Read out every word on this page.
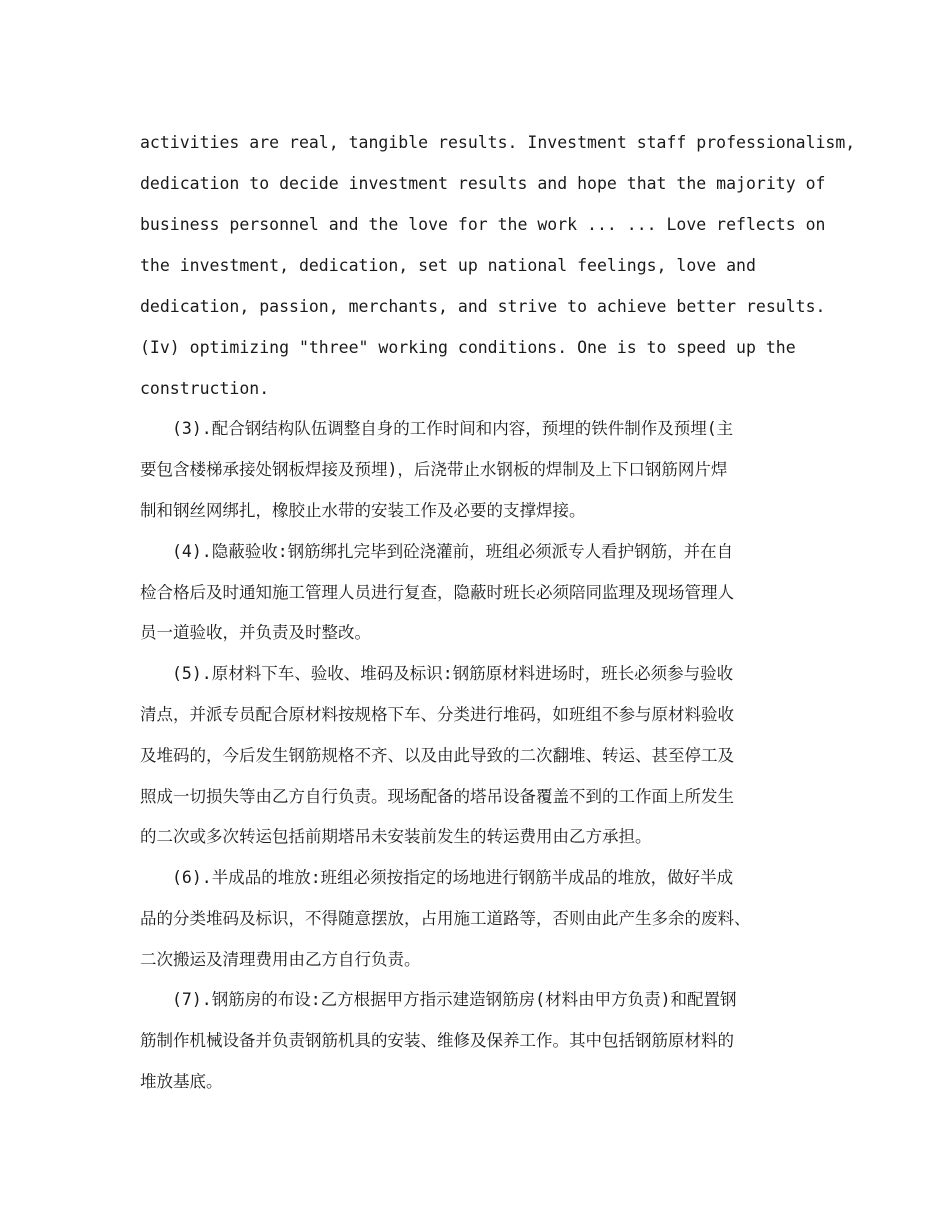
activities are real, tangible results. Investment staff professionalism,
dedication to decide investment results and hope that the majority of
business personnel and the love for the work ... ... Love reflects on
the investment, dedication, set up national feelings, love and
dedication, passion, merchants, and strive to achieve better results.
(Iv) optimizing "three" working conditions. One is to speed up the
construction.
(3).配合钢结构队伍调整自身的工作时间和内容，预埋的铁件制作及预埋(主
要包含楼梯承接处钢板焊接及预埋)，后浇带止水钢板的焊制及上下口钢筋网片焊
制和钢丝网绑扎，橡胶止水带的安装工作及必要的支撑焊接。
(4).隐蔽验收:钢筋绑扎完毕到砼浇灌前，班组必须派专人看护钢筋，并在自
检合格后及时通知施工管理人员进行复查，隐蔽时班长必须陪同监理及现场管理人
员一道验收，并负责及时整改。
(5).原材料下车、验收、堆码及标识:钢筋原材料进场时，班长必须参与验收
清点，并派专员配合原材料按规格下车、分类进行堆码，如班组不参与原材料验收
及堆码的，今后发生钢筋规格不齐、以及由此导致的二次翻堆、转运、甚至停工及
照成一切损失等由乙方自行负责。现场配备的塔吊设备覆盖不到的工作面上所发生
的二次或多次转运包括前期塔吊未安装前发生的转运费用由乙方承担。
(6).半成品的堆放:班组必须按指定的场地进行钢筋半成品的堆放，做好半成
品的分类堆码及标识，不得随意摆放，占用施工道路等，否则由此产生多余的废料、
二次搬运及清理费用由乙方自行负责。
(7).钢筋房的布设:乙方根据甲方指示建造钢筋房(材料由甲方负责)和配置钢
筋制作机械设备并负责钢筋机具的安装、维修及保养工作。其中包括钢筋原材料的
堆放基底。
